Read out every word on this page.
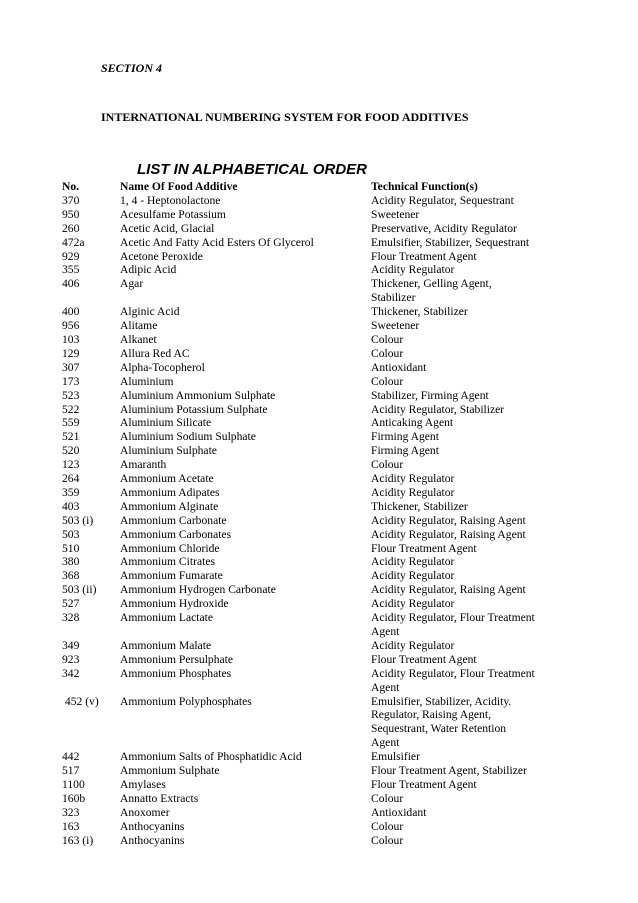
SECTION 4
INTERNATIONAL NUMBERING SYSTEM FOR FOOD ADDITIVES
LIST IN ALPHABETICAL ORDER
No.	Name Of Food Additive	Technical Function(s)
370	1, 4 - Heptonolactone	Acidity Regulator, Sequestrant
950	Acesulfame Potassium	Sweetener
260	Acetic Acid, Glacial	Preservative, Acidity Regulator
472a	Acetic And Fatty Acid Esters Of Glycerol	Emulsifier, Stabilizer, Sequestrant
929	Acetone Peroxide	Flour Treatment Agent
355	Adipic Acid	Acidity Regulator
406	Agar	Thickener, Gelling Agent,
Stabilizer
400	Alginic Acid	Thickener, Stabilizer
956	Alitame	Sweetener
103	Alkanet	Colour
129	Allura Red AC	Colour
307	Alpha-Tocopherol	Antioxidant
173	Aluminium	Colour
523	Aluminium Ammonium Sulphate	Stabilizer, Firming Agent
522	Aluminium Potassium Sulphate	Acidity Regulator, Stabilizer
559	Aluminium Silicate	Anticaking Agent
521	Aluminium Sodium Sulphate	Firming Agent
520	Aluminium Sulphate	Firming Agent
123	Amaranth	Colour
264	Ammonium Acetate	Acidity Regulator
359	Ammonium Adipates	Acidity Regulator
403	Ammonium Alginate	Thickener, Stabilizer
503 (i)	Ammonium Carbonate	Acidity Regulator, Raising Agent
503	Ammonium Carbonates	Acidity Regulator, Raising Agent
510	Ammonium Chloride	Flour Treatment Agent
380	Ammonium Citrates	Acidity Regulator
368	Ammonium Fumarate	Acidity Regulator
503 (ii)	Ammonium Hydrogen Carbonate	Acidity Regulator, Raising Agent
527	Ammonium Hydroxide	Acidity Regulator
328	Ammonium Lactate	Acidity Regulator, Flour Treatment
Agent
349	Ammonium Malate	Acidity Regulator
923	Ammonium Persulphate	Flour Treatment Agent
342	Ammonium Phosphates	Acidity Regulator, Flour Treatment
Agent
452 (v)	Ammonium Polyphosphates	Emulsifier, Stabilizer, Acidity.
Regulator, Raising Agent,
Sequestrant, Water Retention
Agent
442	Ammonium Salts of Phosphatidic Acid	Emulsifier
517	Ammonium Sulphate	Flour Treatment Agent, Stabilizer
1100	Amylases	Flour Treatment Agent
160b	Annatto Extracts	Colour
323	Anoxomer	Antioxidant
163	Anthocyanins	Colour
163 (i)	Anthocyanins	Colour
